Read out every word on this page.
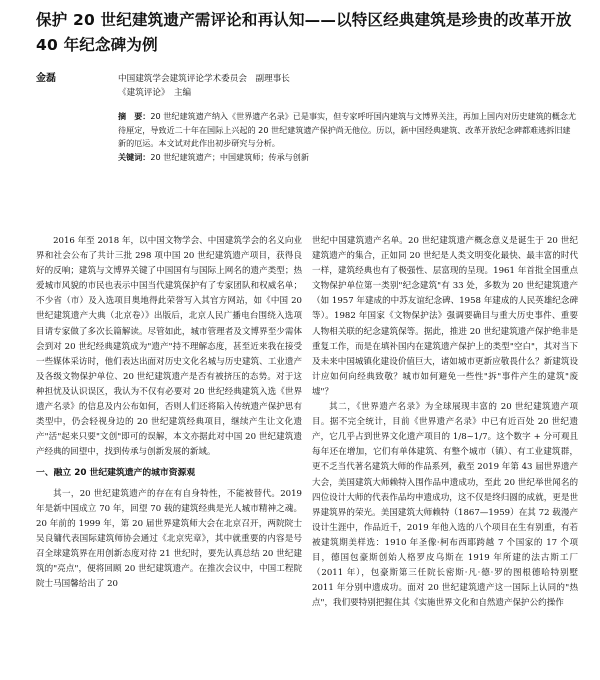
保护 20 世纪建筑遗产需评论和再认知——以特区经典建筑是珍贵的改革开放 40 年纪念碑为例
金磊	中国建筑学会建筑评论学术委员会　副理事长
《建筑评论》　主编

摘　要：20 世纪建筑遗产纳入《世界遗产名录》已是事实，但专家呼吁国内建筑与文博界关注，再加上国内对历史建筑的概念尤待厘定，导致近二十年在国际上兴起的 20 世纪建筑遗产保护尚无他位。历以，新中国经典建筑、改革开放纪念碑都难逃拆旧建新的厄运。本文试对此作出初步研究与分析。

关键词：20 世纪建筑遗产；中国建筑师；传承与创新

2016 年至 2018 年，以中国文物学会、中国建筑学会的名义向业界和社会公布了共计三批 298 项中国 20 世纪建筑遗产项目，获得良好的反响；建筑与文博界关键了中国国有与国际上网名的遗产类型；热爱城市风貌的市民也表示中国当代建筑保护有了专家团队和权威名单；不少省（市）及入选项目奥地得此荣誉写入其官方网站，如《中国 20 世纪建筑遗产大典（北京卷）》出版后，北京人民广播电台围绕入选项目请专家做了多次长篇解读。尽管如此，城市管理者及文博界至少需体会到对 20 世纪经典建筑成为"遗产"持不理解态度，甚至近来我在接受一些媒体采访时，他们表达出面对历史文化名城与历史建筑、工业遗产及各级文物保护单位、20 世纪建筑遗产是否有被挤压的态势。对于这种担忧及认识误区，我认为不仅有必要对 20 世纪经典建筑入选《世界遗产名录》的信息及内公布如何，否则人们还将陷入传统遗产保护思有类型中，仍会轻视身边的 20 世纪建筑经典项目，继续产生让文化遗产"活"起来只要"文创"即可的误解，本文亦据此对中国 20 世纪建筑遗产经典的回望中，找到传承与创新发展的新域。

一、融立 20 世纪建筑遗产的城市资源观

其一，20 世纪建筑遗产的存在有自身特性，不能被替代。2019 年是新中国成立 70 年，回望 70 载的建筑经典是光人城市精神之魂。20 年前的 1999 年，第 20 届世界建筑师大会在北京召开，两院院士吴良镛代表国际建筑师协会通过《北京宪章》，其中就重要的内容是号召全球建筑界在用创新态度对待 21 世纪时，要先认真总结 20 世纪建筑的"亮点"，便将回顾 20 世纪建筑遗产。在推次会议中，中国工程院院士马国馨给出了 20

世纪中国建筑遗产名单。20 世纪建筑遗产概念意义是诞生于 20 世纪建筑遗产的集合，正如同 20 世纪是人类文明变化最快、最丰富的时代一样，建筑经典也有了极强性、层富现的呈现。1961 年首批全国重点文物保护单位第一类别"纪念建筑"有 33 处，多数为 20 世纪建筑遗产（如 1957 年建成的中苏友谊纪念碑、1958 年建成的人民英雄纪念碑等）。1982 年国家《文物保护法》强调要确目与重大历史事件、重要人物相关联的纪念建筑保等。据此，推进 20 世纪建筑遗产保护绝非是重复工作，而是在填补国内在建筑遗产保护上的类型"空白"，其对当下及未来中国城镇化建设价值巨大，诸如城市更新应敬畏什么？新建筑设计应如何向经典致敬？城市如何避免一些性"拆"事件产生的建筑"废墟"？

其二，《世界遗产名录》为全球展现丰富的 20 世纪建筑遗产项目。据不完全统计，目前《世界遗产名录》中已有近百处 20 世纪遗产，它几乎占到世界文化遗产项目的 1/8~1/7。这个数字 + 分可观且每年还在增加，它们有单体建筑、有整个城市（镇）、有工业建筑群，更不乏当代著名建筑大师的作品系列，截至 2019 年第 43 届世界遗产大会，美国建筑大师赖特入围作品申遗成功，至此 20 世纪举世闻名的四位设计大师的代表作品均申遗成功，这不仅是终归圆的成就，更是世界建筑界的荣光。美国建筑大师赖特（1867—1959）在其 72 载漫产设计生涯中，作品近千，2019 年他入选的八个项目在生有别重，有若被建筑期美样选：1910 年圣像·柯布西耶跨越 7 个国家的 17 个项目，德国包豪斯创始人格罗皮乌斯在 1919 年所建的法古斯工厂（2011 年），包豪斯第三任院长密斯·凡·德·罗的图根德哈特别墅 2011 年分别申遗成功。面对 20 世纪建筑遗产这一国际上认同的"热点"，我们要特别把握住其《实施世界文化和自然遗产保护公约操作
